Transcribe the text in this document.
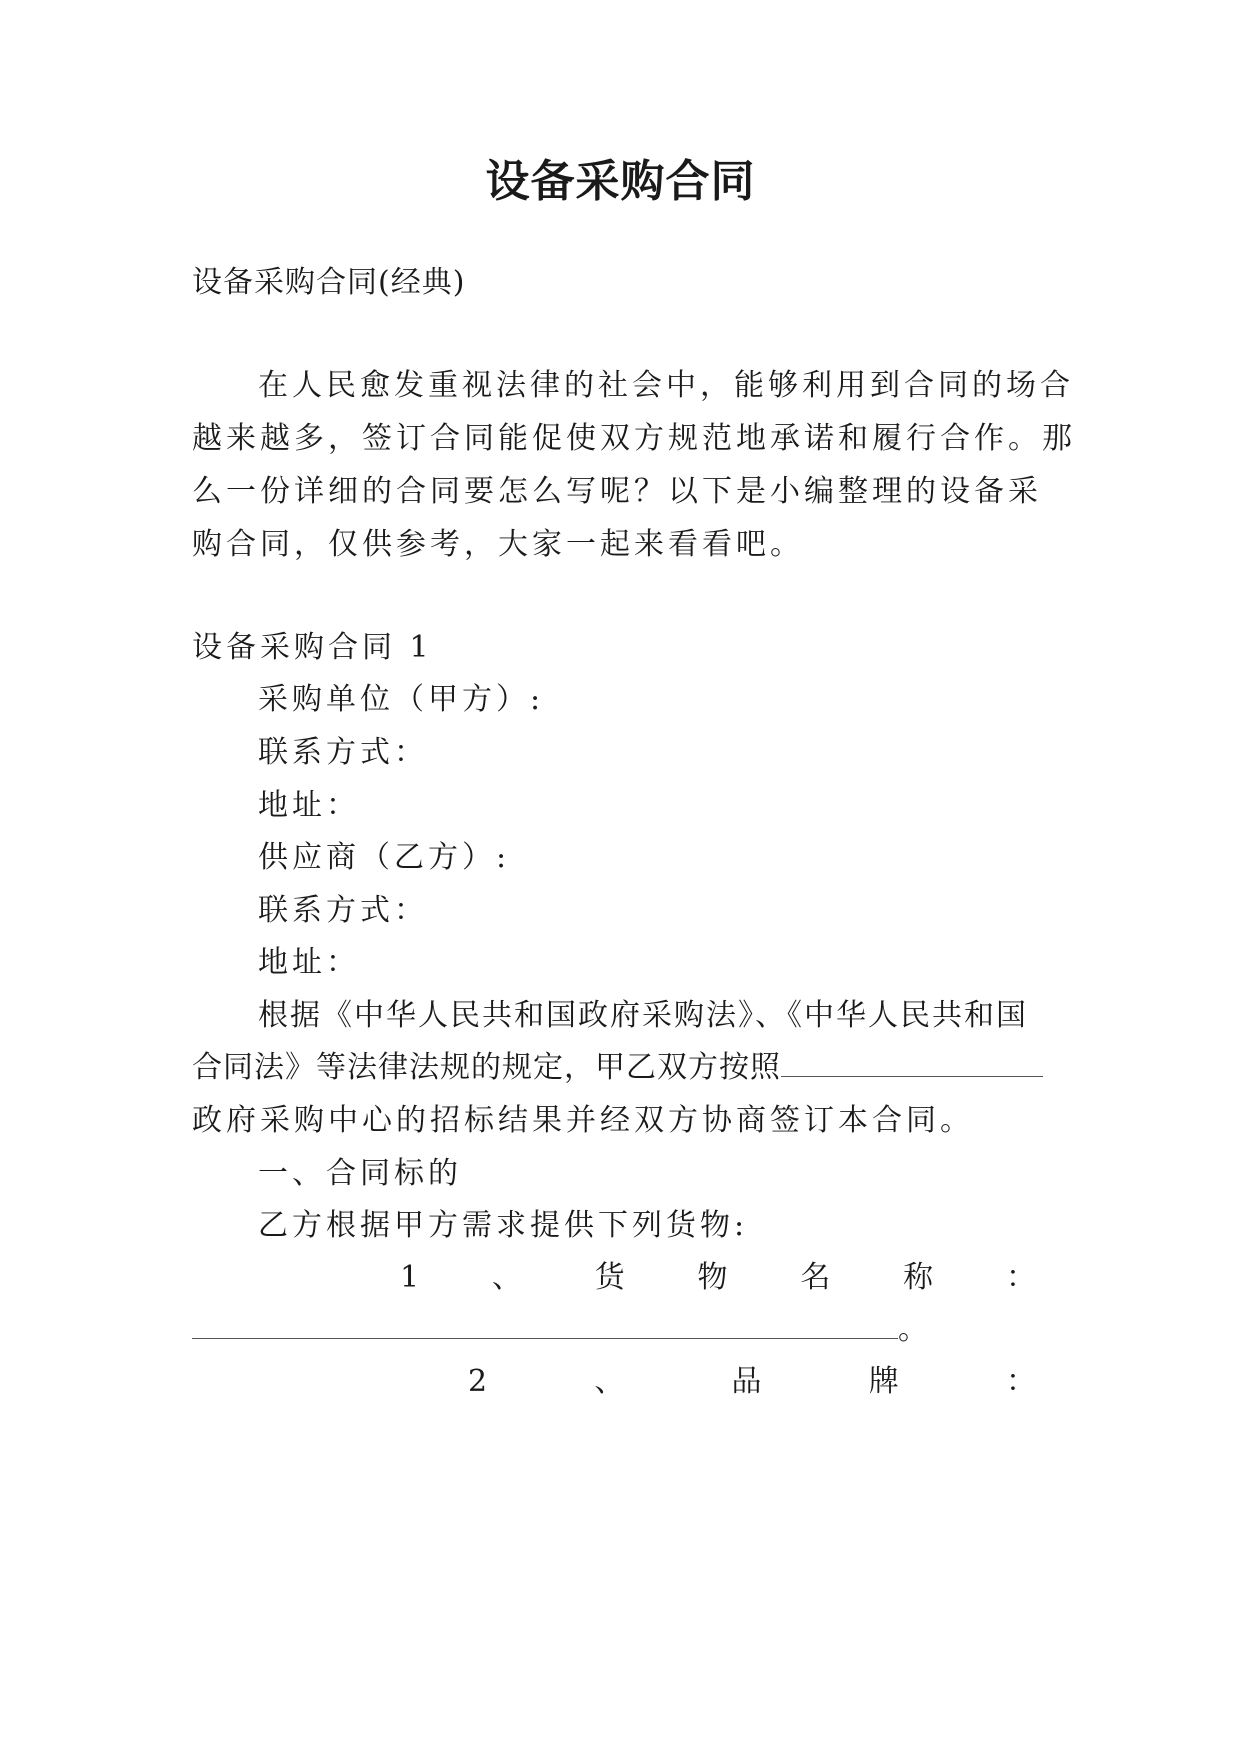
设备采购合同

设备采购合同(经典)

在人民愈发重视法律的社会中，能够利用到合同的场合

越来越多，签订合同能促使双方规范地承诺和履行合作。那

么一份详细的合同要怎么写呢？以下是小编整理的设备采

购合同，仅供参考，大家一起来看看吧。

设备采购合同 1

采购单位（甲方）:

联系方式：

地址：

供应商（乙方）:

联系方式：

地址：

根据《中华人民共和国政府采购法》、《中华人民共和国

合同法》等法律法规的规定，甲乙双方按照

政府采购中心的招标结果并经双方协商签订本合同。

一、合同标的

乙方根据甲方需求提供下列货物:

1 、 货 物 名 称 ：

。

2	、	品	牌	：
